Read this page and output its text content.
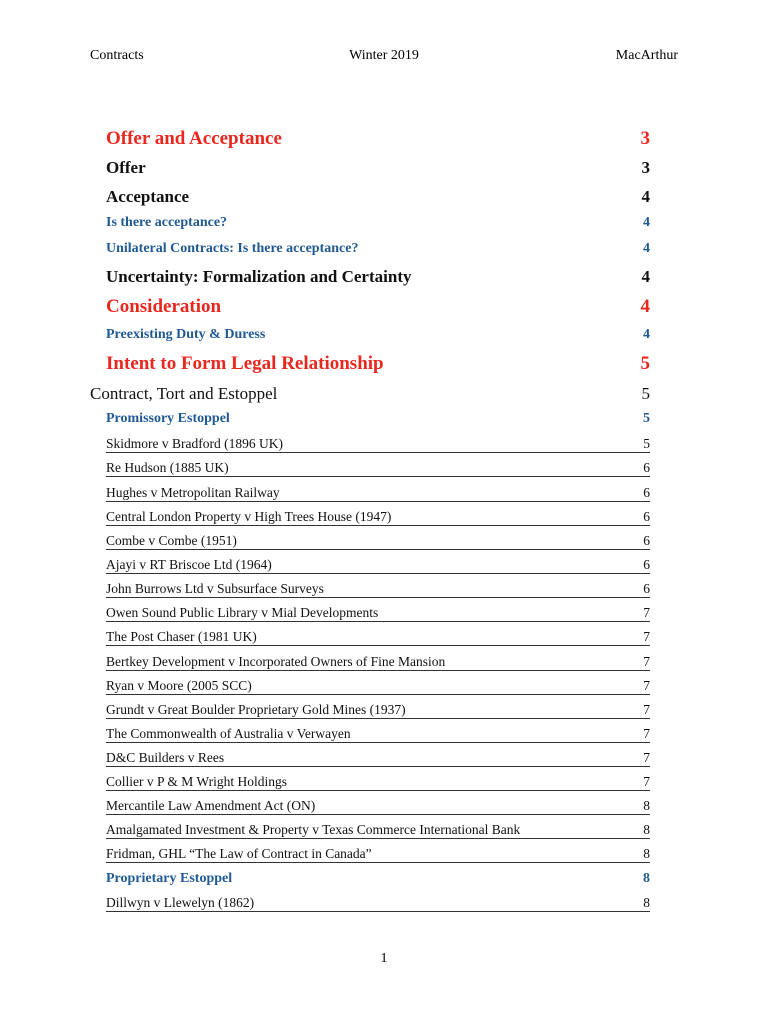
Contracts	Winter 2019	MacArthur
Offer and Acceptance	3
Offer	3
Acceptance	4
Is there acceptance?	4
Unilateral Contracts: Is there acceptance?	4
Uncertainty: Formalization and Certainty	4
Consideration	4
Preexisting Duty & Duress	4
Intent to Form Legal Relationship	5
Contract, Tort and Estoppel	5
Promissory Estoppel	5
Skidmore v Bradford (1896 UK)	5
Re Hudson (1885 UK)	6
Hughes v Metropolitan Railway	6
Central London Property v High Trees House (1947)	6
Combe v Combe (1951)	6
Ajayi v RT Briscoe Ltd (1964)	6
John Burrows Ltd v Subsurface Surveys	6
Owen Sound Public Library v Mial Developments	7
The Post Chaser (1981 UK)	7
Bertkey Development v Incorporated Owners of Fine Mansion	7
Ryan v Moore (2005 SCC)	7
Grundt v Great Boulder Proprietary Gold Mines (1937)	7
The Commonwealth of Australia v Verwayen	7
D&C Builders v Rees	7
Collier v P & M Wright Holdings	7
Mercantile Law Amendment Act (ON)	8
Amalgamated Investment & Property v Texas Commerce International Bank	8
Fridman, GHL “The Law of Contract in Canada”	8
Proprietary Estoppel	8
Dillwyn v Llewelyn (1862)	8
1
